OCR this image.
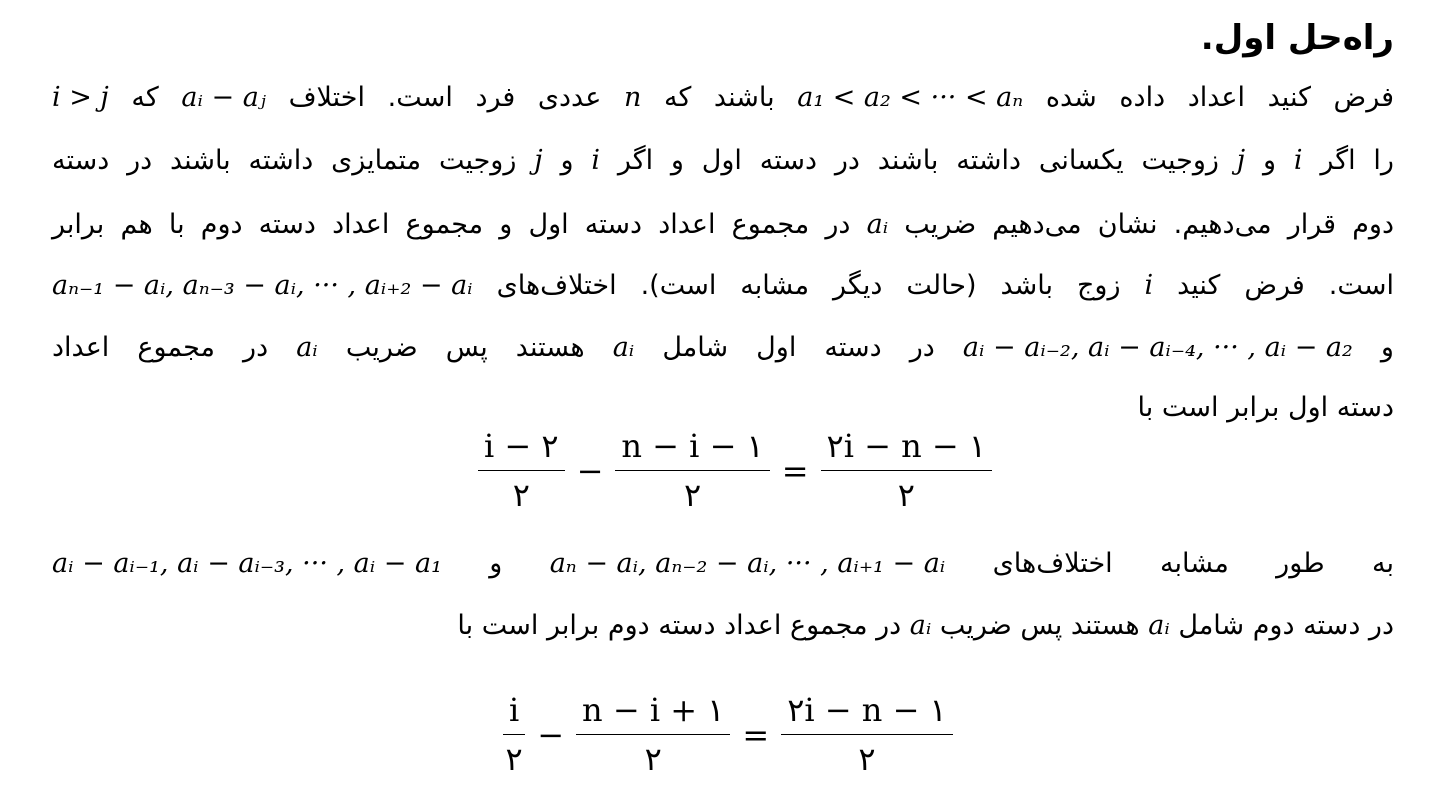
راه‌حل اول.

فرض کنید اعداد داده شده a₁ < a₂ < ··· < aₙ باشند که n عددی فرد است. اختلاف aᵢ − aⱼ که i > j

را اگر i و j زوجیت یکسانی داشته باشند در دسته اول و اگر i و j زوجیت متمایزی داشته باشند در دسته

دوم قرار می‌دهیم. نشان می‌دهیم ضریب aᵢ در مجموع اعداد دسته اول و مجموع اعداد دسته دوم با هم برابر

است. فرض کنید i زوج باشد (حالت دیگر مشابه است). اختلاف‌های aₙ₋₁ − aᵢ, aₙ₋₃ − aᵢ, ··· , aᵢ₊₂ − aᵢ

و aᵢ − aᵢ₋₂, aᵢ − aᵢ₋₄, ··· , aᵢ − a₂ در دسته اول شامل aᵢ هستند پس ضریب aᵢ در مجموع اعداد

دسته اول برابر است با

$\frac{i - ۲}{۲} - \frac{n - i - ۱}{۲} = \frac{۲i - n - ۱}{۲}$

به طور مشابه اختلاف‌های aₙ − aᵢ, aₙ₋₂ − aᵢ, ··· , aᵢ₊₁ − aᵢ و aᵢ − aᵢ₋₁, aᵢ − aᵢ₋₃, ··· , aᵢ − a₁

در دسته دوم شامل aᵢ هستند پس ضریب aᵢ در مجموع اعداد دسته دوم برابر است با

$\frac{i}{۲} - \frac{n - i + ۱}{۲} = \frac{۲i - n - ۱}{۲}$
